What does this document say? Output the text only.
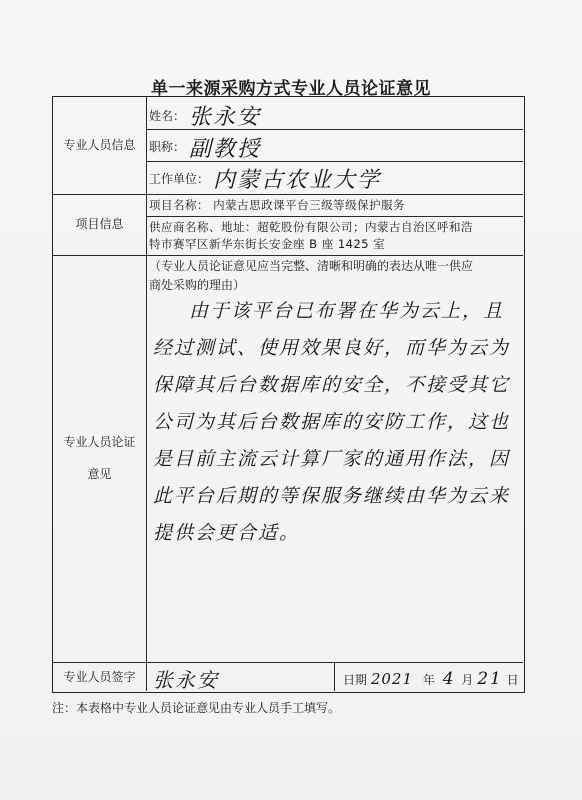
单一来源采购方式专业人员论证意见
专业人员信息
姓名： 张永安
职称： 副教授
工作单位： 内蒙古农业大学
项目信息
项目名称： 内蒙古思政课平台三级等级保护服务
供应商名称、地址：超乾股份有限公司；内蒙古自治区呼和浩
特市赛罕区新华东街长安金座 B 座 1425 室
专业人员论证
意见
（专业人员论证意见应当完整、清晰和明确的表达从唯一供应
商处采购的理由）
由于该平台已布署在华为云上，且经过测试、使用效果良好，而华为云为保障其后台数据库的安全，不接受其它公司为其后台数据库的安防工作，这也是目前主流云计算厂家的通用作法，因此平台后期的等保服务继续由华为云来提供会更合适。
专业人员签字 张永安	日期 2021 年 4 月 21 日
注：本表格中专业人员论证意见由专业人员手工填写。
